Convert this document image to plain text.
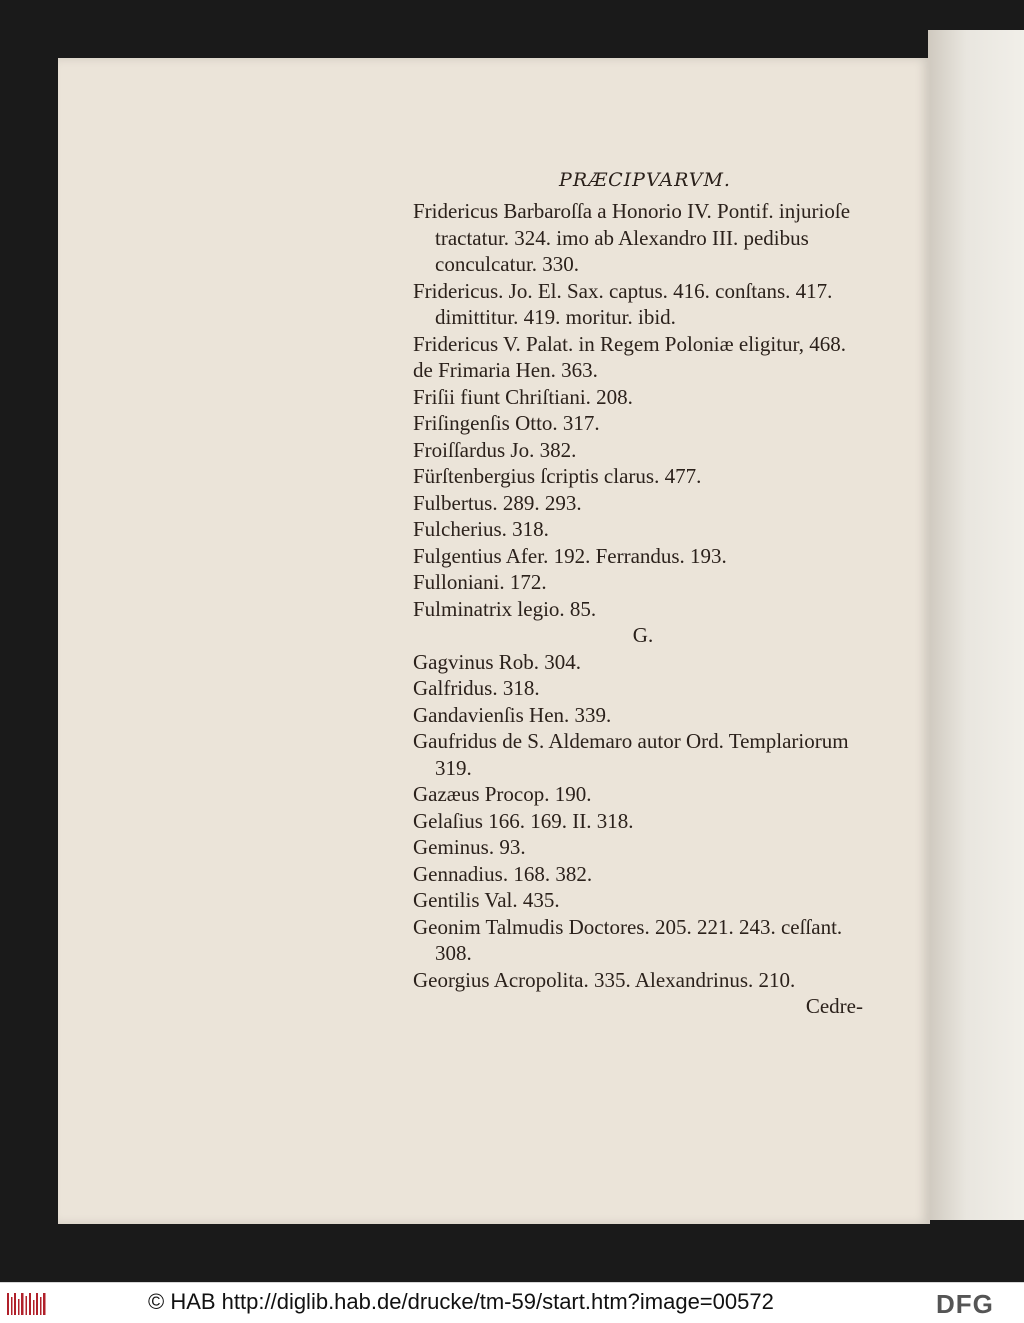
PRÆCIPVARVM.

Fridericus Barbaroſſa a Honorio IV. Pontif. injurioſe tractatur. 324. imo ab Alexandro III. pedibus conculcatur. 330.

Fridericus. Jo. El. Sax. captus. 416. conſtans. 417. dimittitur. 419. moritur. ibid.

Fridericus V. Palat. in Regem Poloniæ eligitur, 468.

de Frimaria Hen. 363.

Friſii fiunt Chriſtiani. 208.

Friſingenſis Otto. 317.

Froiſſardus Jo. 382.

Fürſtenbergius ſcriptis clarus. 477.

Fulbertus. 289. 293.

Fulcherius. 318.

Fulgentius Afer. 192. Ferrandus. 193.

Fulloniani. 172.

Fulminatrix legio. 85.

G.

Gagvinus Rob. 304.

Galfridus. 318.

Gandavienſis Hen. 339.

Gaufridus de S. Aldemaro autor Ord. Templariorum 319.

Gazæus Procop. 190.

Gelaſius 166. 169. II. 318.

Geminus. 93.

Gennadius. 168. 382.

Gentilis Val. 435.

Geonim Talmudis Doctores. 205. 221. 243. ceſſant. 308.

Georgius Acropolita. 335. Alexandrinus. 210.

Cedre-

© HAB http://diglib.hab.de/drucke/tm-59/start.htm?image=00572	DFG
